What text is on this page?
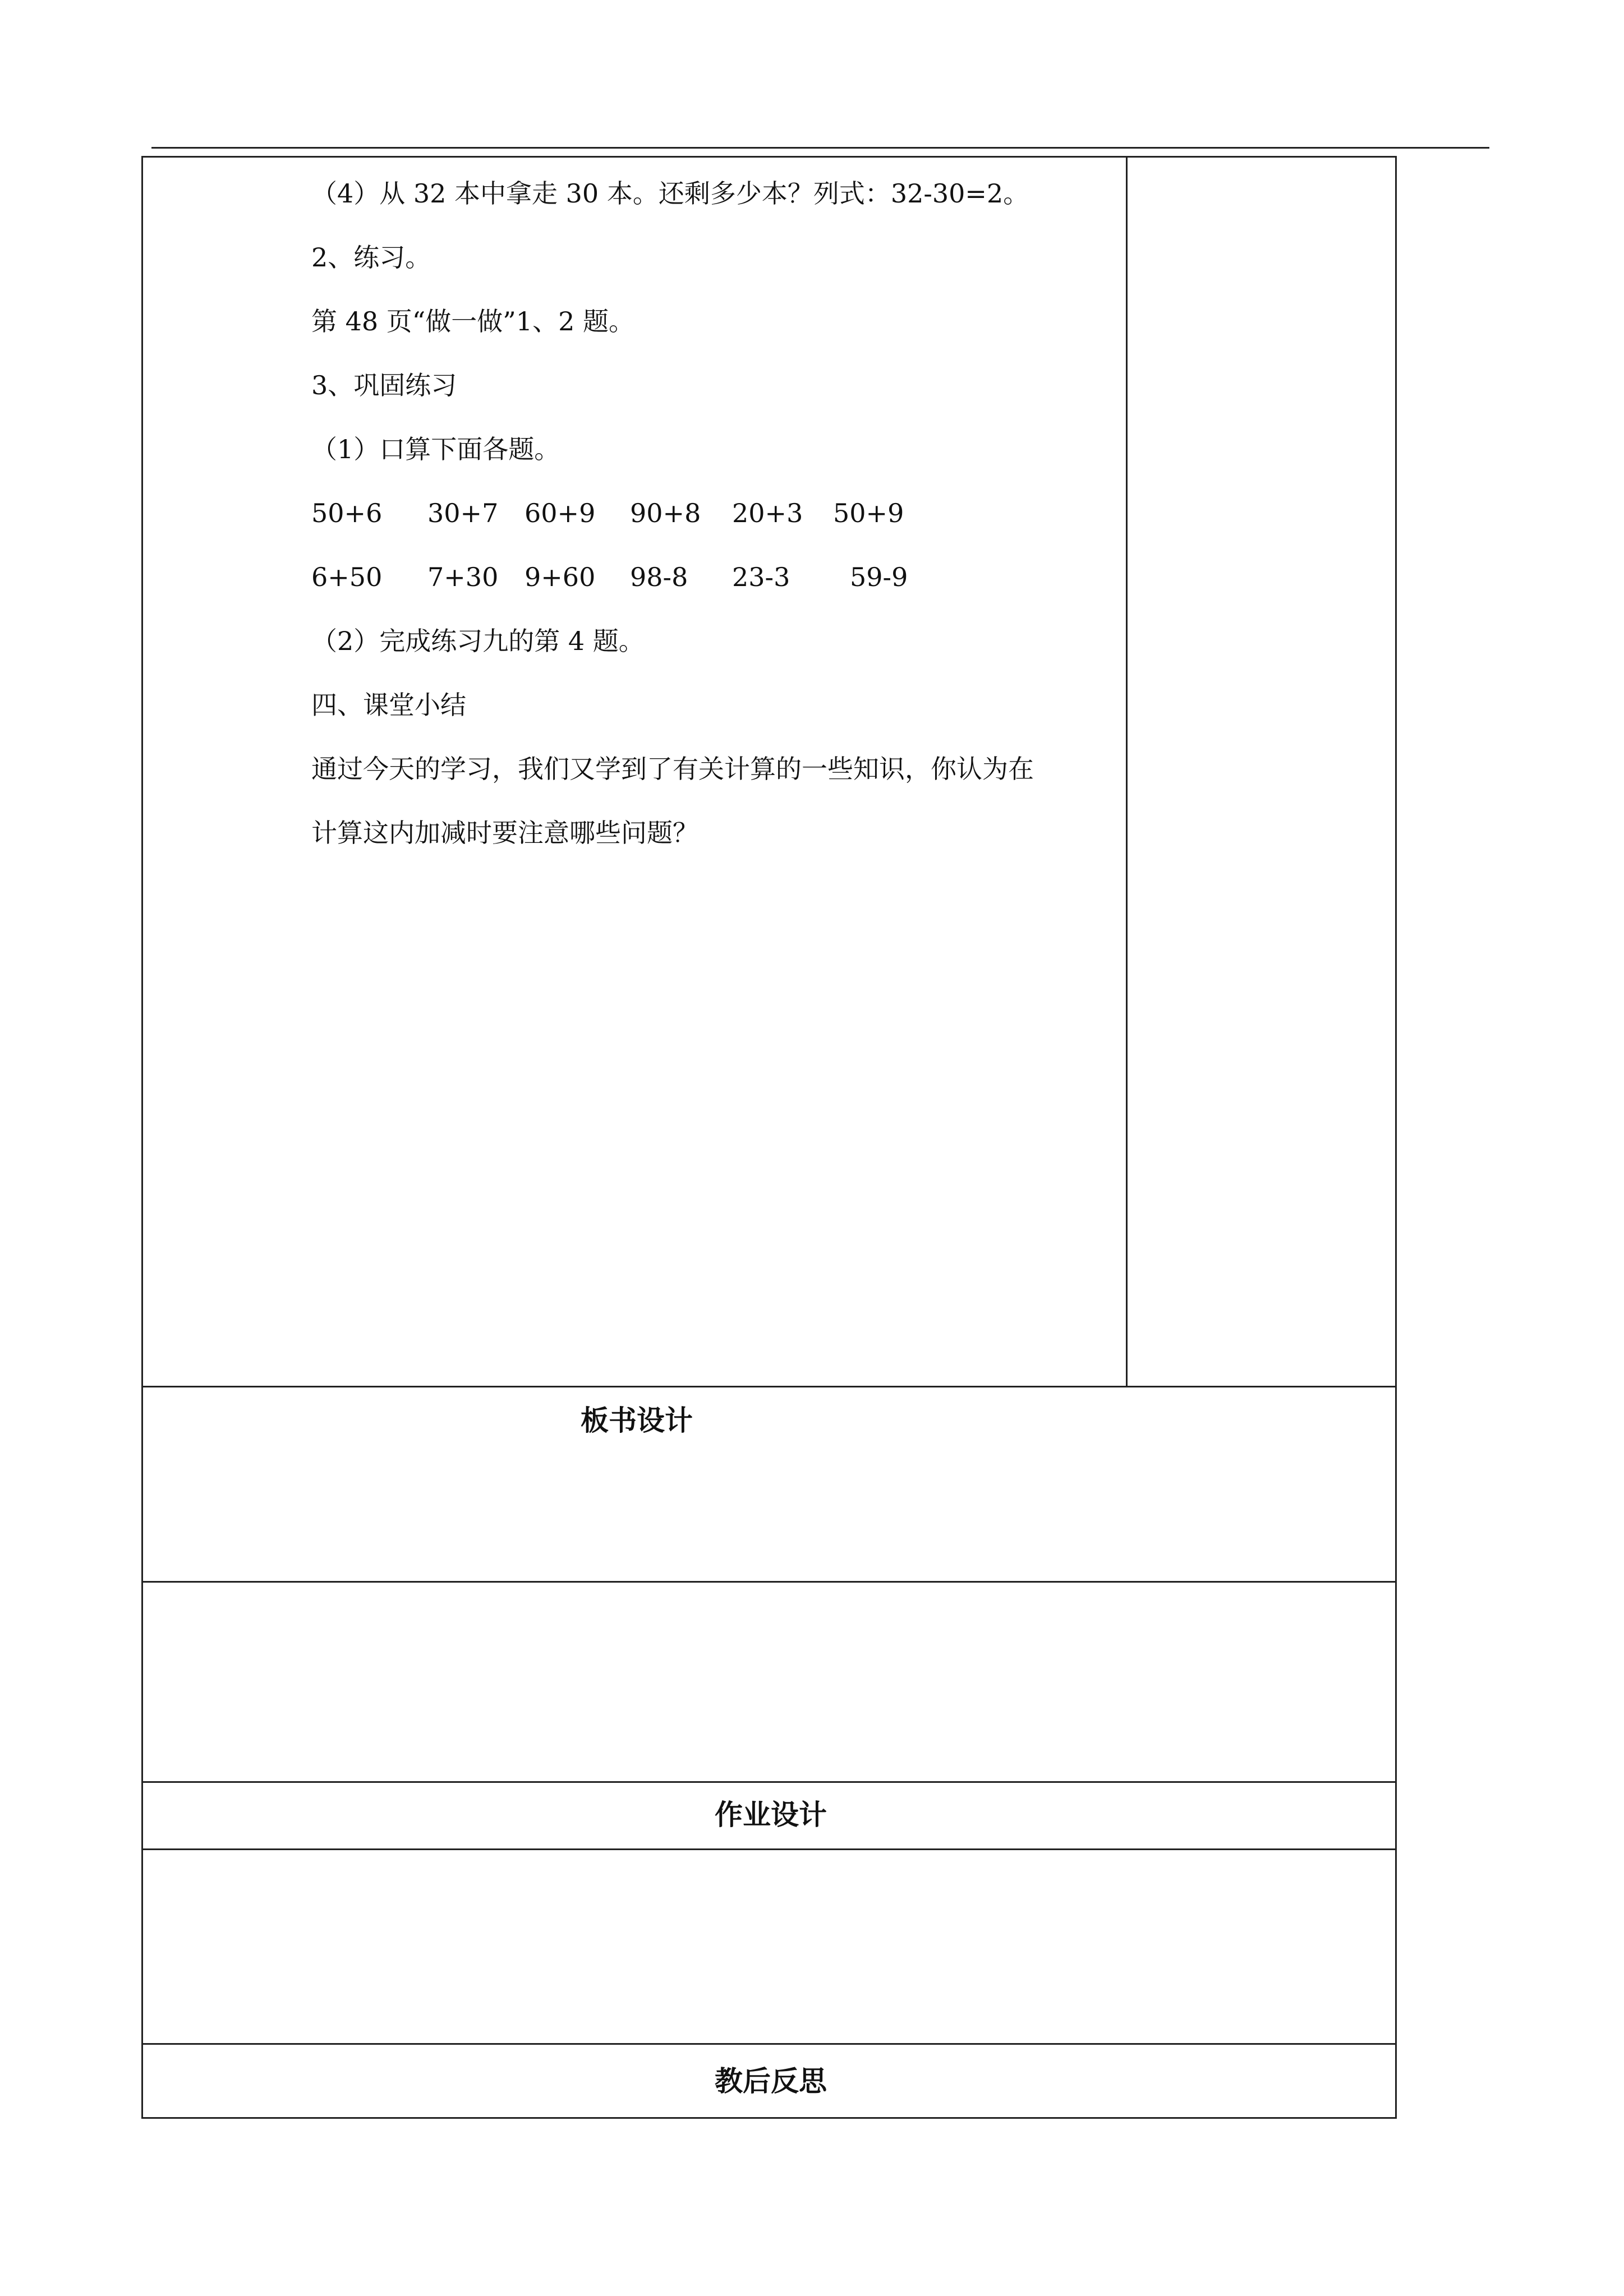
（4）从 32 本中拿走 30 本。还剩多少本？列式：32-30=2。
2、练习。
第 48 页“做一做”1、2 题。
3、巩固练习
（1）口算下面各题。
50+6 30+7 60+9 90+8 20+3 50+9
6+50 7+30 9+60 98-8 23-3 59-9
（2）完成练习九的第 4 题。
四、课堂小结
通过今天的学习，我们又学到了有关计算的一些知识，你认为在
计算这内加减时要注意哪些问题？
板书设计
作业设计
教后反思
